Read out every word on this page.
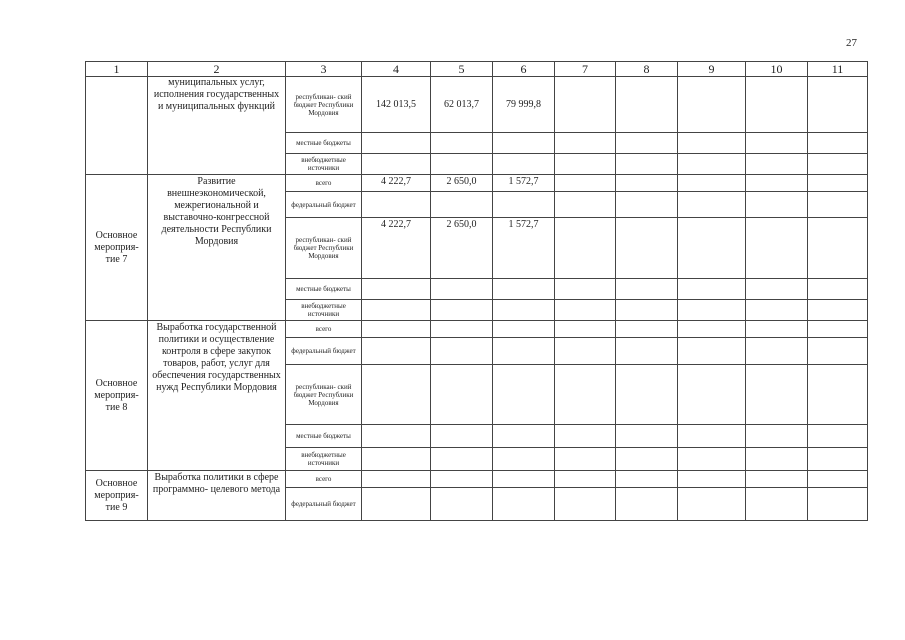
27
1	2	3	4	5	6	7	8	9	10	11
	муниципальных услуг, исполнения государственных и муниципальных функций	республикан- ский бюджет Республики Мордовия	142 013,5	62 013,7	79 999,8					
		местные бюджеты								
		внебюджетные источники								
Основное мероприя- тие 7	Развитие внешнеэкономической, межрегиональной и выставочно-конгрессной деятельности Республики Мордовия	всего	4 222,7	2 650,0	1 572,7					
		федеральный бюджет								
		республикан- ский бюджет Республики Мордовия	4 222,7	2 650,0	1 572,7					
		местные бюджеты								
		внебюджетные источники								
Основное мероприя- тие 8	Выработка государственной политики и осуществление контроля в сфере закупок товаров, работ, услуг для обеспечения государственных нужд Республики Мордовия	всего								
		федеральный бюджет								
		республикан- ский бюджет Республики Мордовия								
		местные бюджеты								
		внебюджетные источники								
Основное мероприя- тие 9	Выработка политики в сфере программно- целевого метода	всего								
		федеральный бюджет								
